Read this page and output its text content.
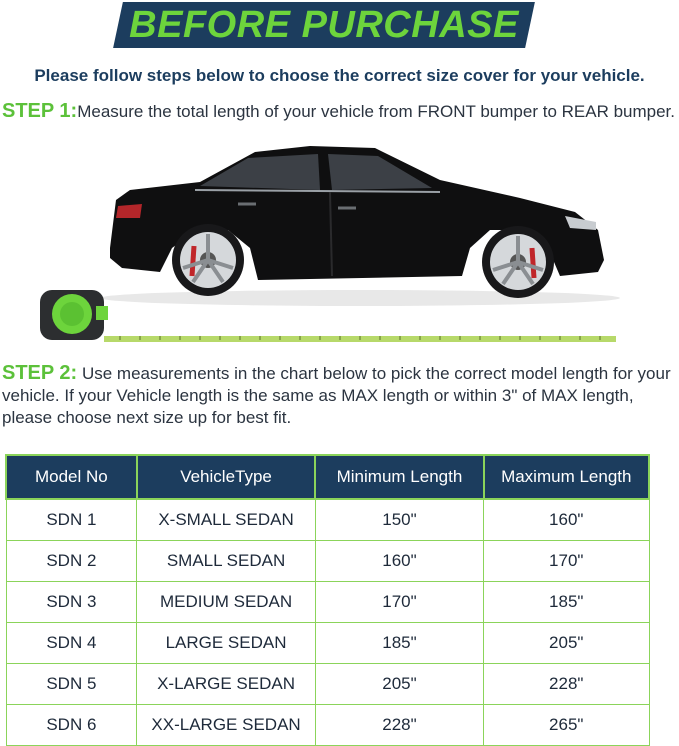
BEFORE PURCHASE
Please follow steps below to choose the correct size cover for your vehicle.
STEP 1:Measure the total length of your vehicle from FRONT bumper to REAR bumper.
STEP 2: Use measurements in the chart below to pick the correct model length for your vehicle. If your Vehicle length is the same as MAX length or within 3" of MAX length, please choose next size up for best fit.
Model No	VehicleType	Minimum Length	Maximum Length
SDN 1	X-SMALL SEDAN	150"	160"
SDN 2	SMALL SEDAN	160"	170"
SDN 3	MEDIUM SEDAN	170"	185"
SDN 4	LARGE SEDAN	185"	205"
SDN 5	X-LARGE SEDAN	205"	228"
SDN 6	XX-LARGE SEDAN	228"	265"
